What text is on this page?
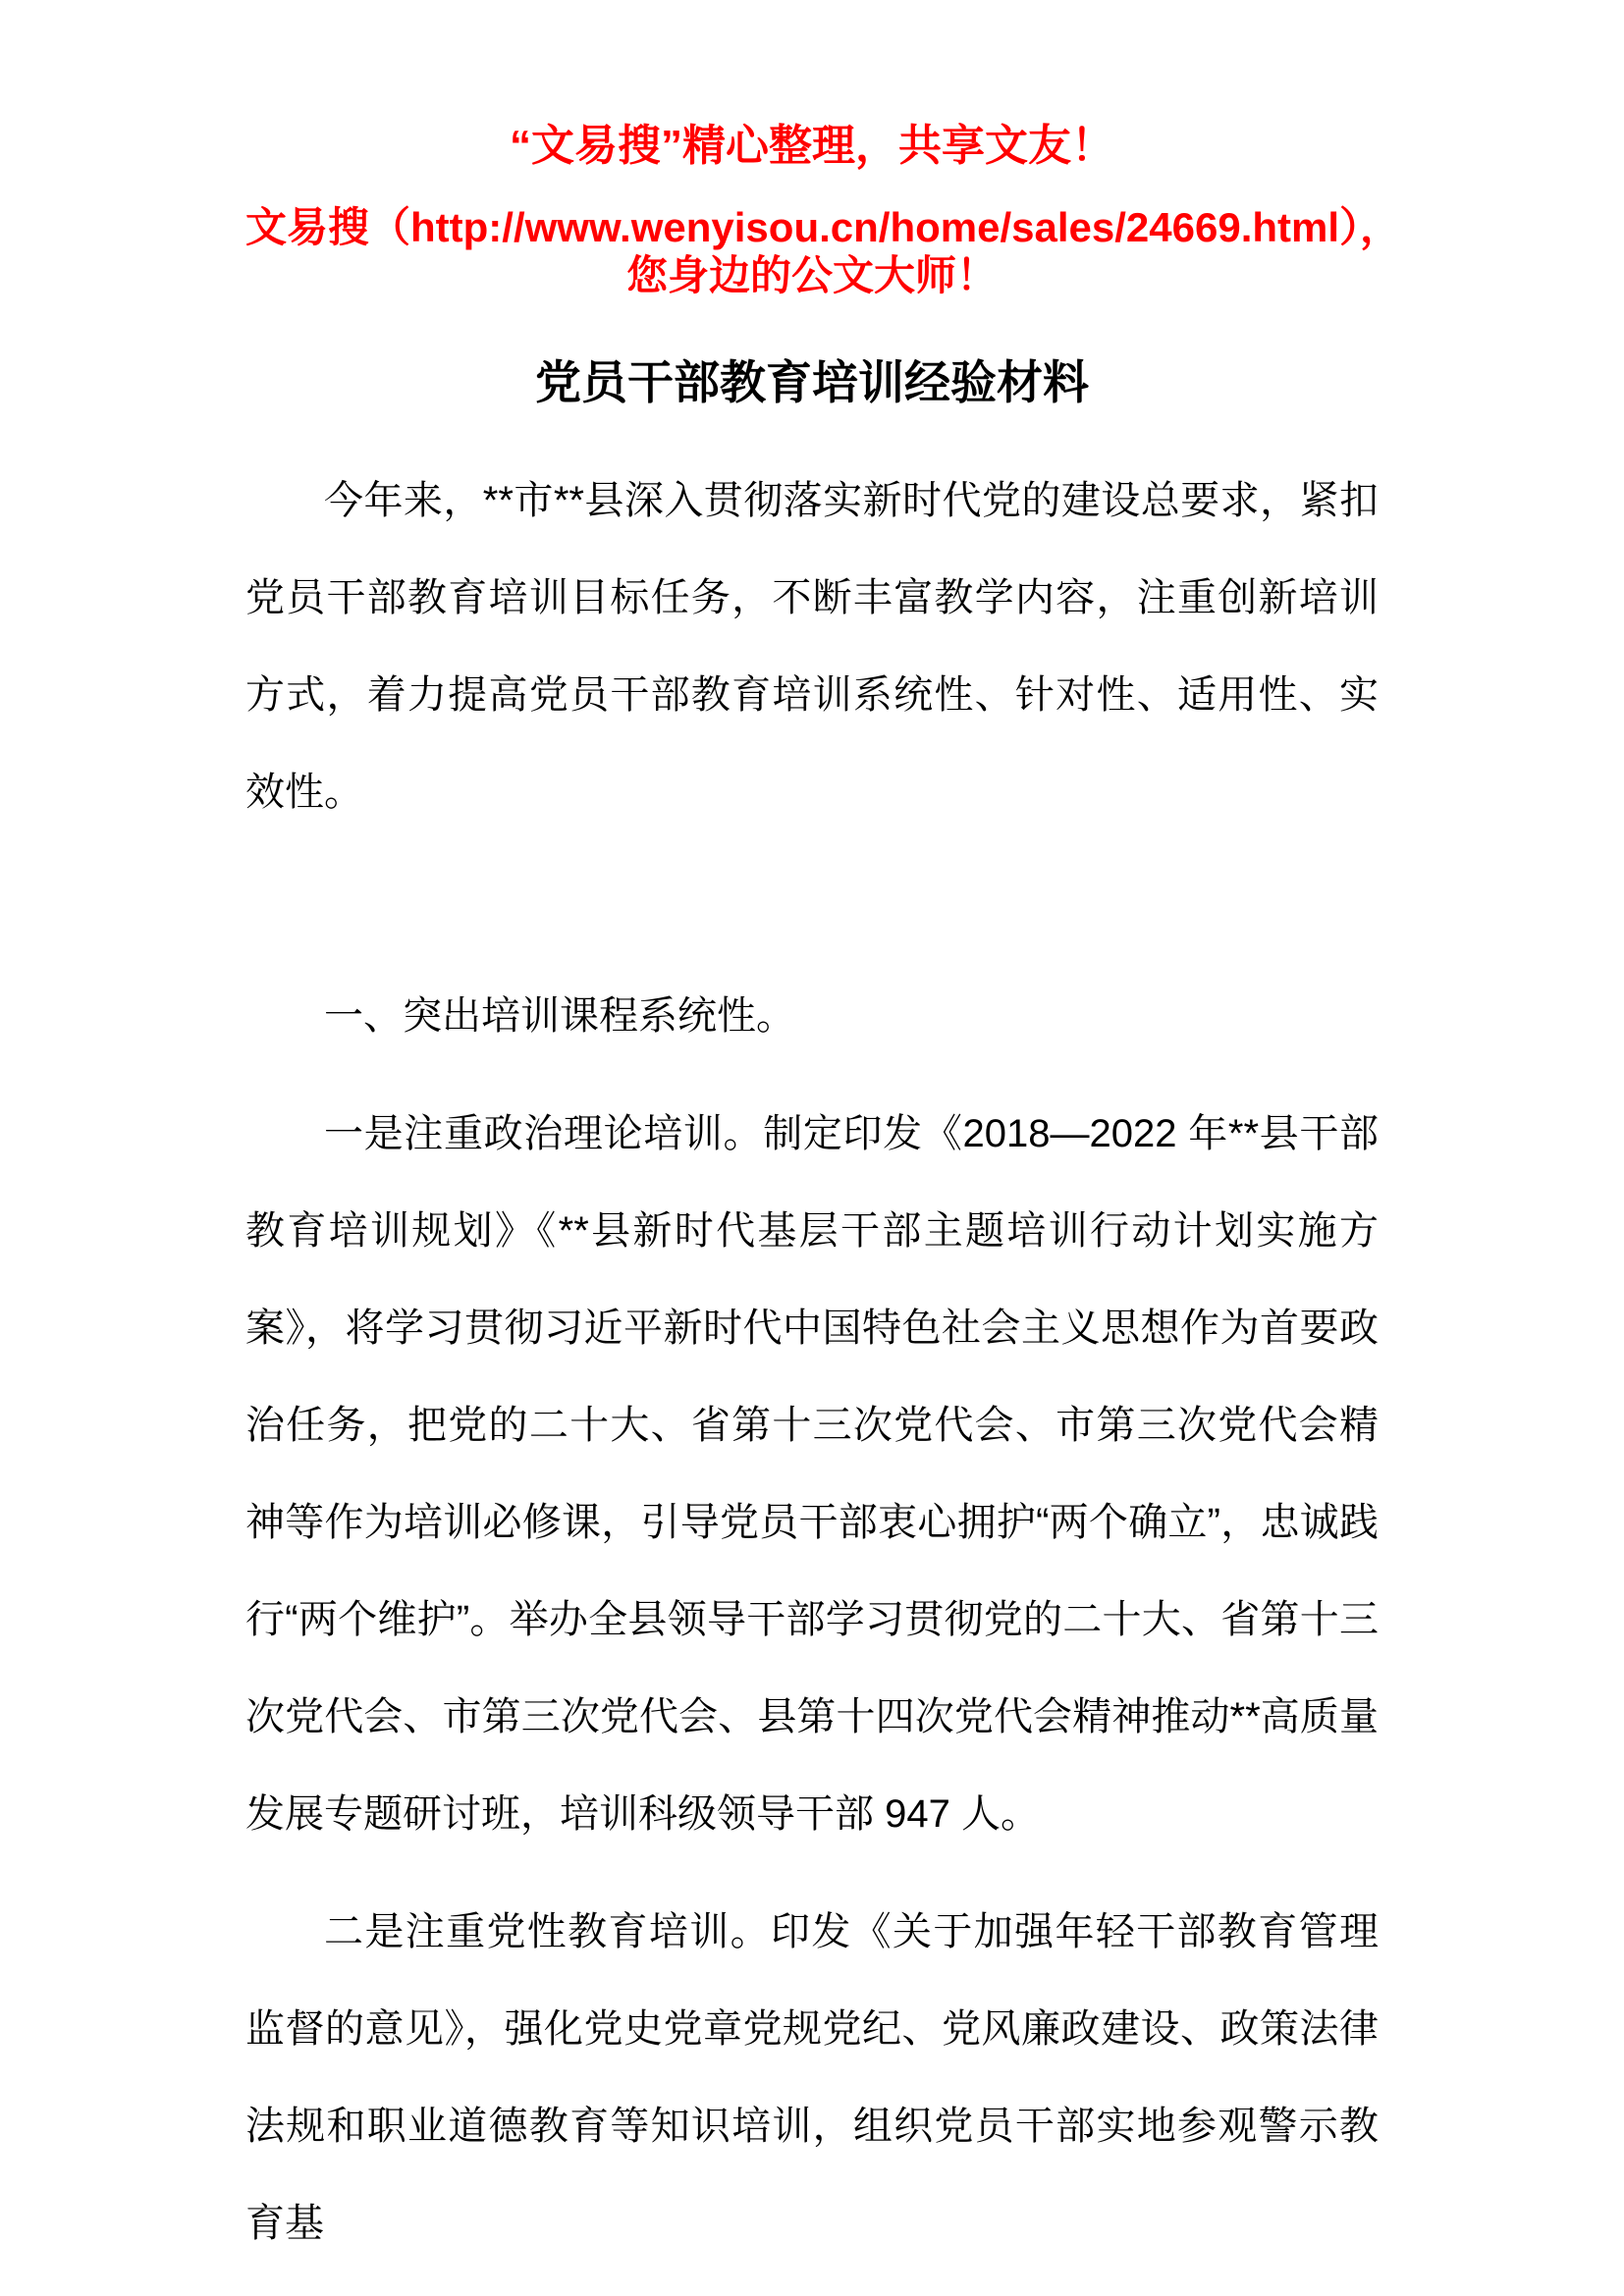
“文易搜”精心整理，共享文友！

文易搜（http://www.wenyisou.cn/home/sales/24669.html），

您身边的公文大师！

党员干部教育培训经验材料

今年来，**市**县深入贯彻落实新时代党的建设总要求，紧扣党员干部教育培训目标任务，不断丰富教学内容，注重创新培训方式，着力提高党员干部教育培训系统性、针对性、适用性、实效性。

一、突出培训课程系统性。

一是注重政治理论培训。制定印发《2018—2022 年**县干部教育培训规划》《**县新时代基层干部主题培训行动计划实施方案》，将学习贯彻习近平新时代中国特色社会主义思想作为首要政治任务，把党的二十大、省第十三次党代会、市第三次党代会精神等作为培训必修课，引导党员干部衷心拥护“两个确立”，忠诚践行“两个维护”。举办全县领导干部学习贯彻党的二十大、省第十三次党代会、市第三次党代会、县第十四次党代会精神推动**高质量发展专题研讨班，培训科级领导干部 947 人。

二是注重党性教育培训。印发《关于加强年轻干部教育管理监督的意见》，强化党史党章党规党纪、党风廉政建设、政策法律法规和职业道德教育等知识培训，组织党员干部实地参观警示教育基
